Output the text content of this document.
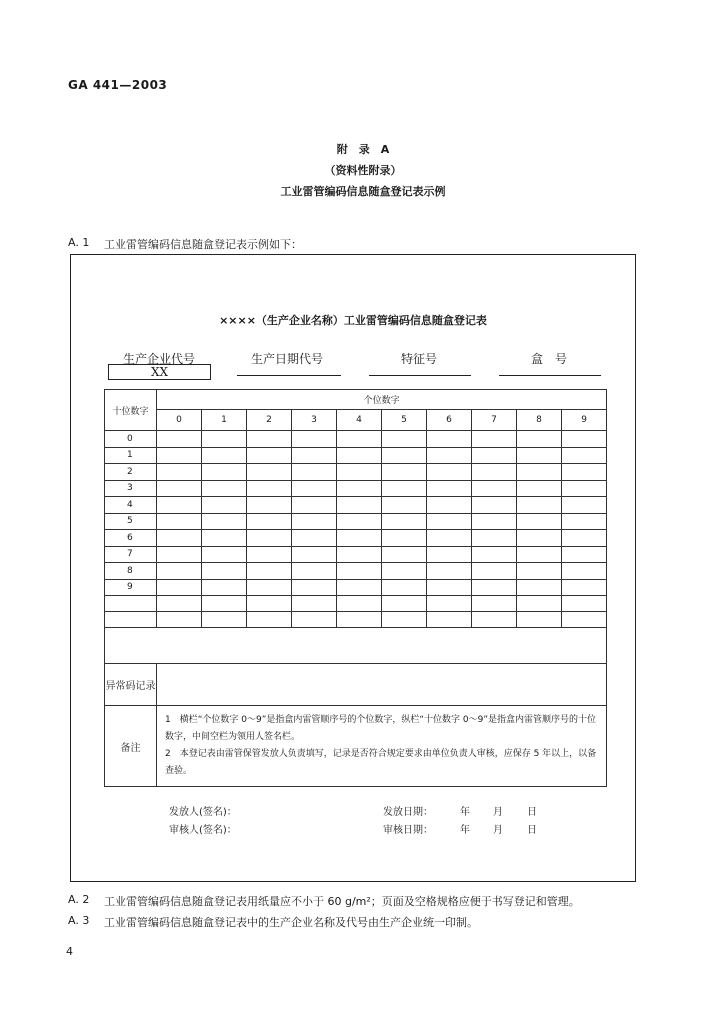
GA 441—2003
附　录　A
（资料性附录）
工业雷管编码信息随盒登记表示例
A. 1 工业雷管编码信息随盒登记表示例如下：
××××（生产企业名称）工业雷管编码信息随盒登记表
生产企业代号	生产日期代号	特征号	盒　号
XX
十位数字	个位数字									
	0	1	2	3	4	5	6	7	8	9
0										
1										
2										
3										
4										
5										
6										
7										
8										
9										

异常码记录										
备注	1　横栏“个位数字 0～9”是指盒内雷管顺序号的个位数字，纵栏“十位数字 0～9”是指盒内雷管顺序号的十位数字，中间空栏为领用人签名栏。
2　本登记表由雷管保管发放人负责填写，记录是否符合规定要求由单位负责人审核，应保存 5 年以上，以备查验。									
发放人(签名)：	发放日期：	年 月 日
审核人(签名)：	审核日期：	年 月 日
A. 2 工业雷管编码信息随盒登记表用纸量应不小于 60 g/m²；页面及空格规格应便于书写登记和管理。
A. 3 工业雷管编码信息随盒登记表中的生产企业名称及代号由生产企业统一印制。
4
